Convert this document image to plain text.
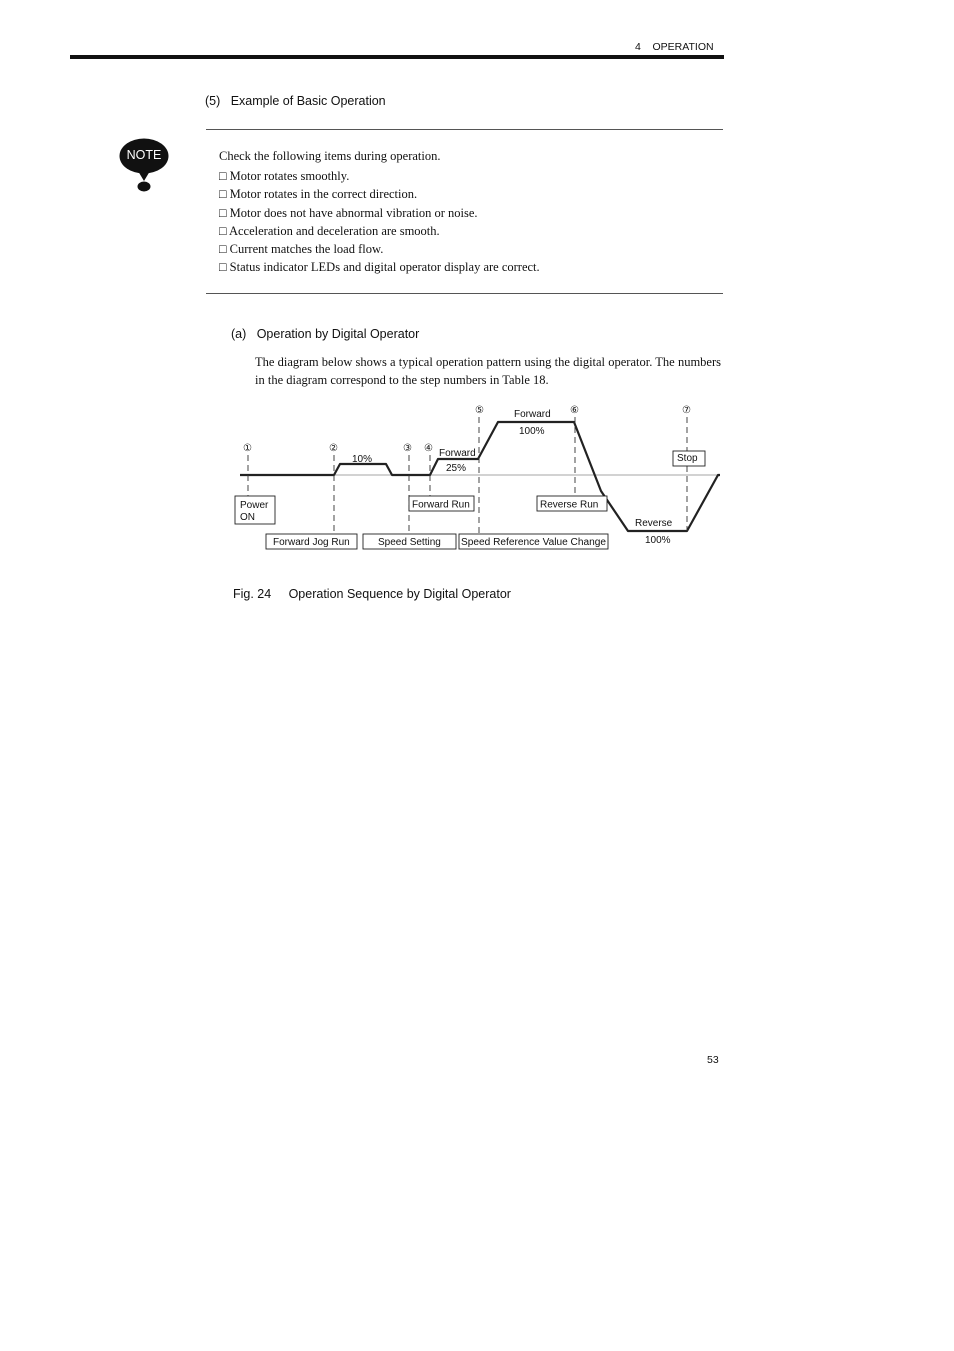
4    OPERATION
(5)   Example of Basic Operation
NOTE	Check the following items during operation.
□ Motor rotates smoothly.
□ Motor rotates in the correct direction.
□ Motor does not have abnormal vibration or noise.
□ Acceleration and deceleration are smooth.
□ Current matches the load flow.
□ Status indicator LEDs and digital operator display are correct.
(a)   Operation by Digital Operator
The diagram below shows a typical operation pattern using the digital operator. The numbers in the diagram correspond to the step numbers in Table 18.
①	②	③ ④
⑤	⑥	⑦
10%
Forward
25%
Forward
100%
Reverse
100%
Power
ON
Forward Run	Reverse Run
Stop
Forward Jog Run	Speed Setting Speed Reference Value Change
Fig. 24     Operation Sequence by Digital Operator
53
